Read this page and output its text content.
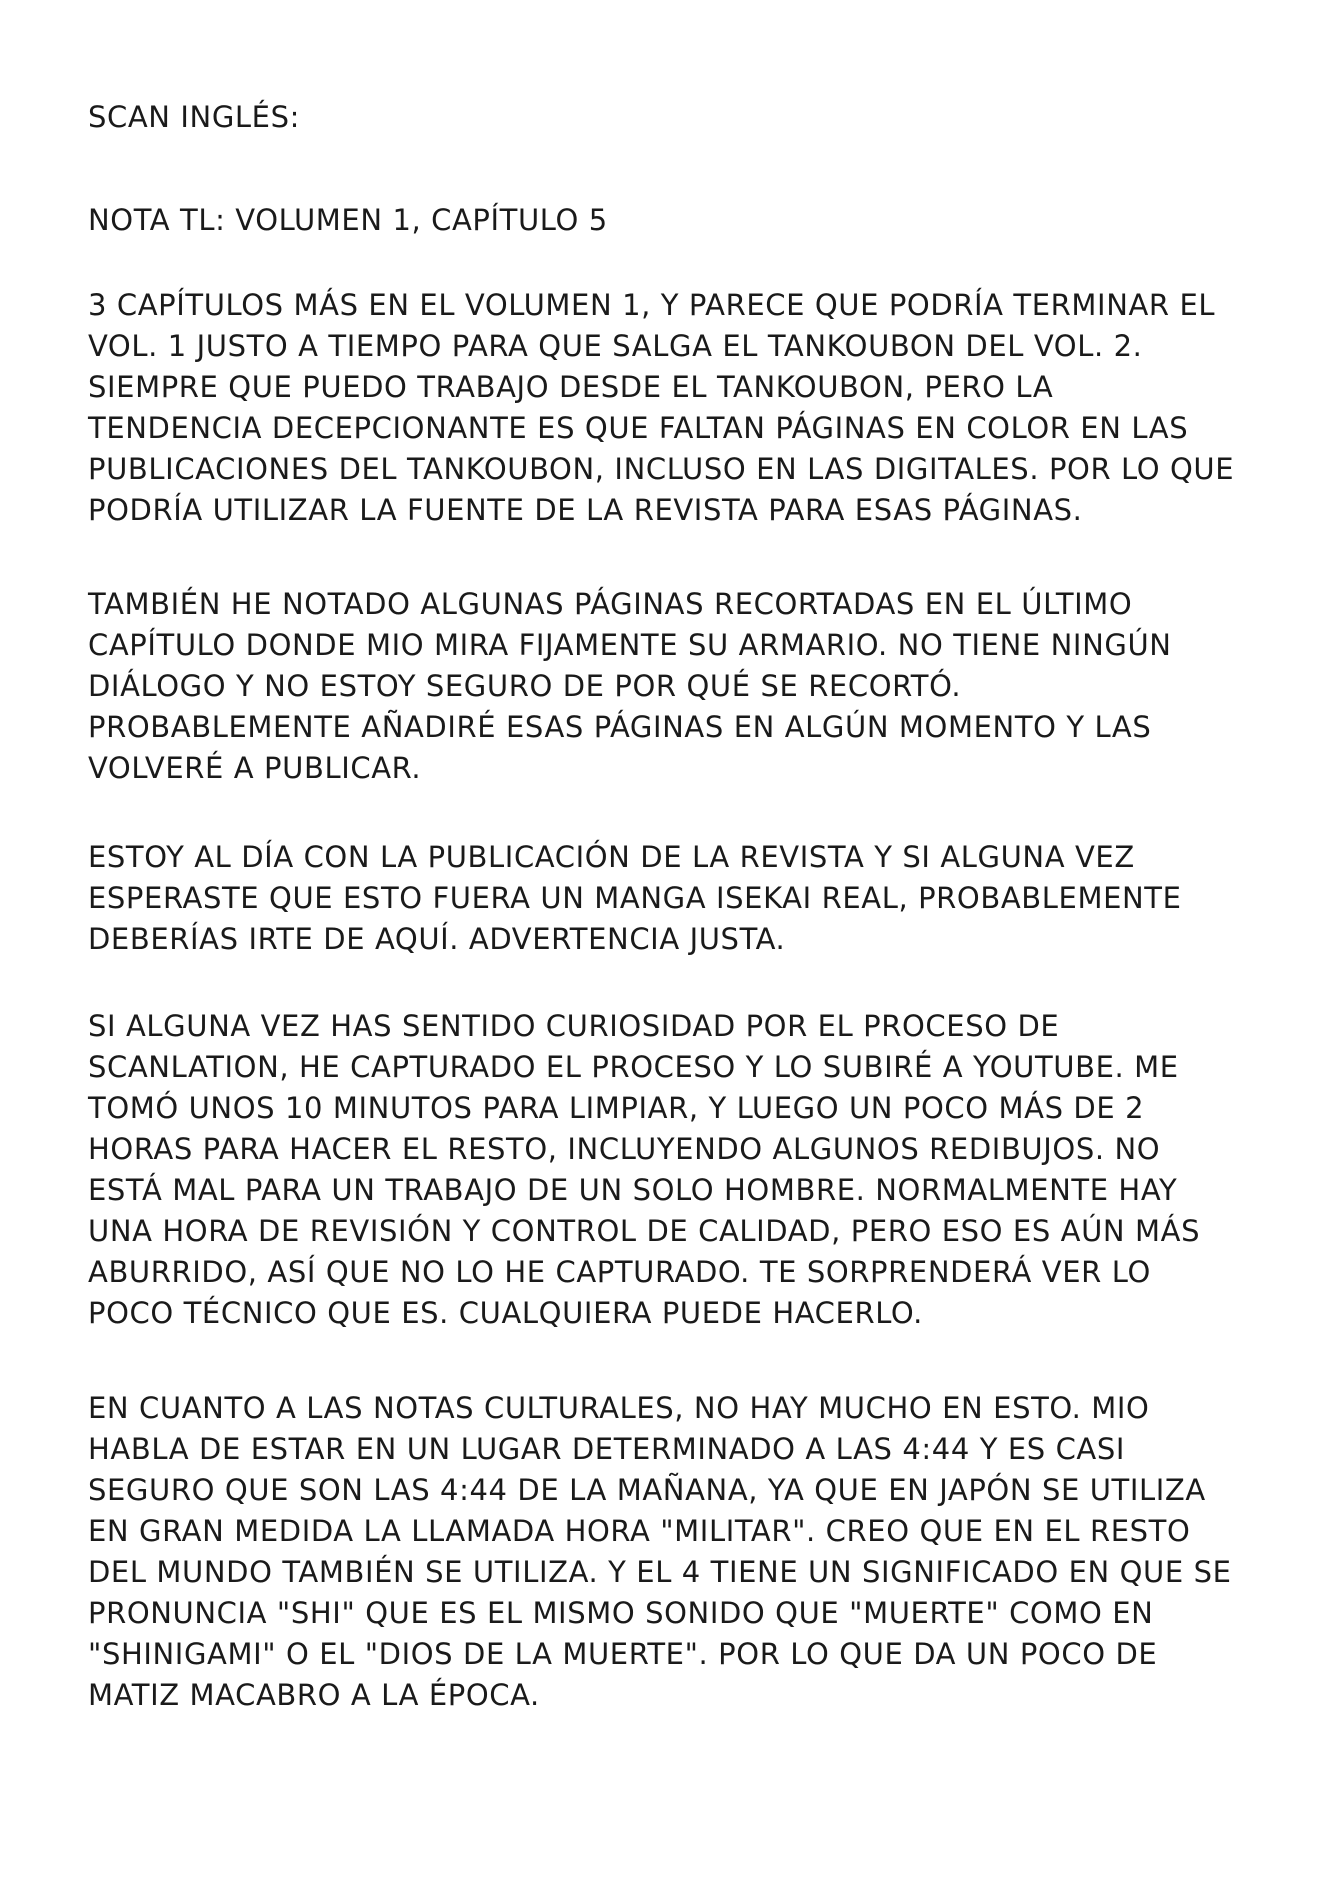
SCAN INGLÉS:
NOTA TL: VOLUMEN 1, CAPÍTULO 5
3 CAPÍTULOS MÁS EN EL VOLUMEN 1, Y PARECE QUE PODRÍA TERMINAR EL
VOL. 1 JUSTO A TIEMPO PARA QUE SALGA EL TANKOUBON DEL VOL. 2.
SIEMPRE QUE PUEDO TRABAJO DESDE EL TANKOUBON, PERO LA
TENDENCIA DECEPCIONANTE ES QUE FALTAN PÁGINAS EN COLOR EN LAS
PUBLICACIONES DEL TANKOUBON, INCLUSO EN LAS DIGITALES. POR LO QUE
PODRÍA UTILIZAR LA FUENTE DE LA REVISTA PARA ESAS PÁGINAS.
TAMBIÉN HE NOTADO ALGUNAS PÁGINAS RECORTADAS EN EL ÚLTIMO
CAPÍTULO DONDE MIO MIRA FIJAMENTE SU ARMARIO. NO TIENE NINGÚN
DIÁLOGO Y NO ESTOY SEGURO DE POR QUÉ SE RECORTÓ.
PROBABLEMENTE AÑADIRÉ ESAS PÁGINAS EN ALGÚN MOMENTO Y LAS
VOLVERÉ A PUBLICAR.
ESTOY AL DÍA CON LA PUBLICACIÓN DE LA REVISTA Y SI ALGUNA VEZ
ESPERASTE QUE ESTO FUERA UN MANGA ISEKAI REAL, PROBABLEMENTE
DEBERÍAS IRTE DE AQUÍ. ADVERTENCIA JUSTA.
SI ALGUNA VEZ HAS SENTIDO CURIOSIDAD POR EL PROCESO DE
SCANLATION, HE CAPTURADO EL PROCESO Y LO SUBIRÉ A YOUTUBE. ME
TOMÓ UNOS 10 MINUTOS PARA LIMPIAR, Y LUEGO UN POCO MÁS DE 2
HORAS PARA HACER EL RESTO, INCLUYENDO ALGUNOS REDIBUJOS. NO
ESTÁ MAL PARA UN TRABAJO DE UN SOLO HOMBRE. NORMALMENTE HAY
UNA HORA DE REVISIÓN Y CONTROL DE CALIDAD, PERO ESO ES AÚN MÁS
ABURRIDO, ASÍ QUE NO LO HE CAPTURADO. TE SORPRENDERÁ VER LO
POCO TÉCNICO QUE ES. CUALQUIERA PUEDE HACERLO.
EN CUANTO A LAS NOTAS CULTURALES, NO HAY MUCHO EN ESTO. MIO
HABLA DE ESTAR EN UN LUGAR DETERMINADO A LAS 4:44 Y ES CASI
SEGURO QUE SON LAS 4:44 DE LA MAÑANA, YA QUE EN JAPÓN SE UTILIZA
EN GRAN MEDIDA LA LLAMADA HORA "MILITAR". CREO QUE EN EL RESTO
DEL MUNDO TAMBIÉN SE UTILIZA. Y EL 4 TIENE UN SIGNIFICADO EN QUE SE
PRONUNCIA "SHI" QUE ES EL MISMO SONIDO QUE "MUERTE" COMO EN
"SHINIGAMI" O EL "DIOS DE LA MUERTE". POR LO QUE DA UN POCO DE
MATIZ MACABRO A LA ÉPOCA.
